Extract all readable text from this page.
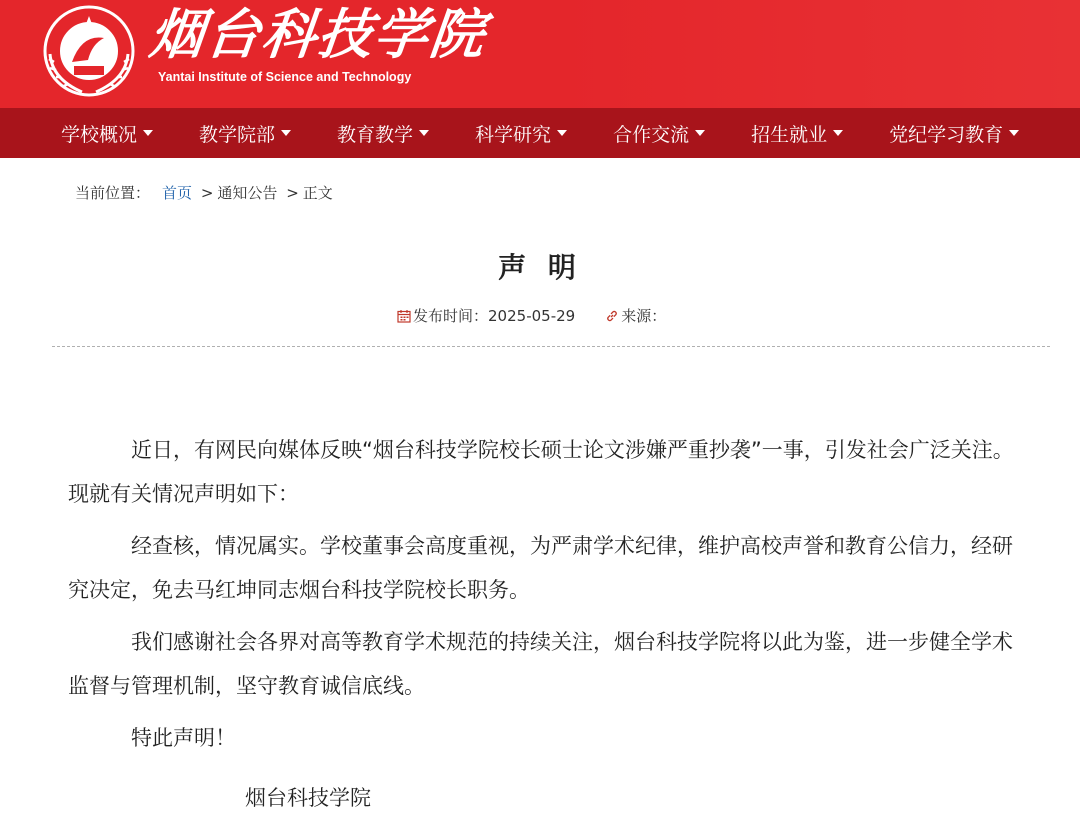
烟台科技学院
Yantai Institute of Science and Technology
学校概况	教学院部	教育教学	科学研究	合作交流	招生就业	党纪学习教育
当前位置： 首页 > 通知公告 > 正文
声 明
发布时间： 2025-05-29	来源：

近日，有网民向媒体反映“烟台科技学院校长硕士论文涉嫌严重抄袭”一事，引发社会广泛关注。现就有关情况声明如下：

经查核，情况属实。学校董事会高度重视，为严肃学术纪律，维护高校声誉和教育公信力，经研究决定，免去马红坤同志烟台科技学院校长职务。

我们感谢社会各界对高等教育学术规范的持续关注，烟台科技学院将以此为鉴，进一步健全学术监督与管理机制，坚守教育诚信底线。

特此声明！

烟台科技学院
